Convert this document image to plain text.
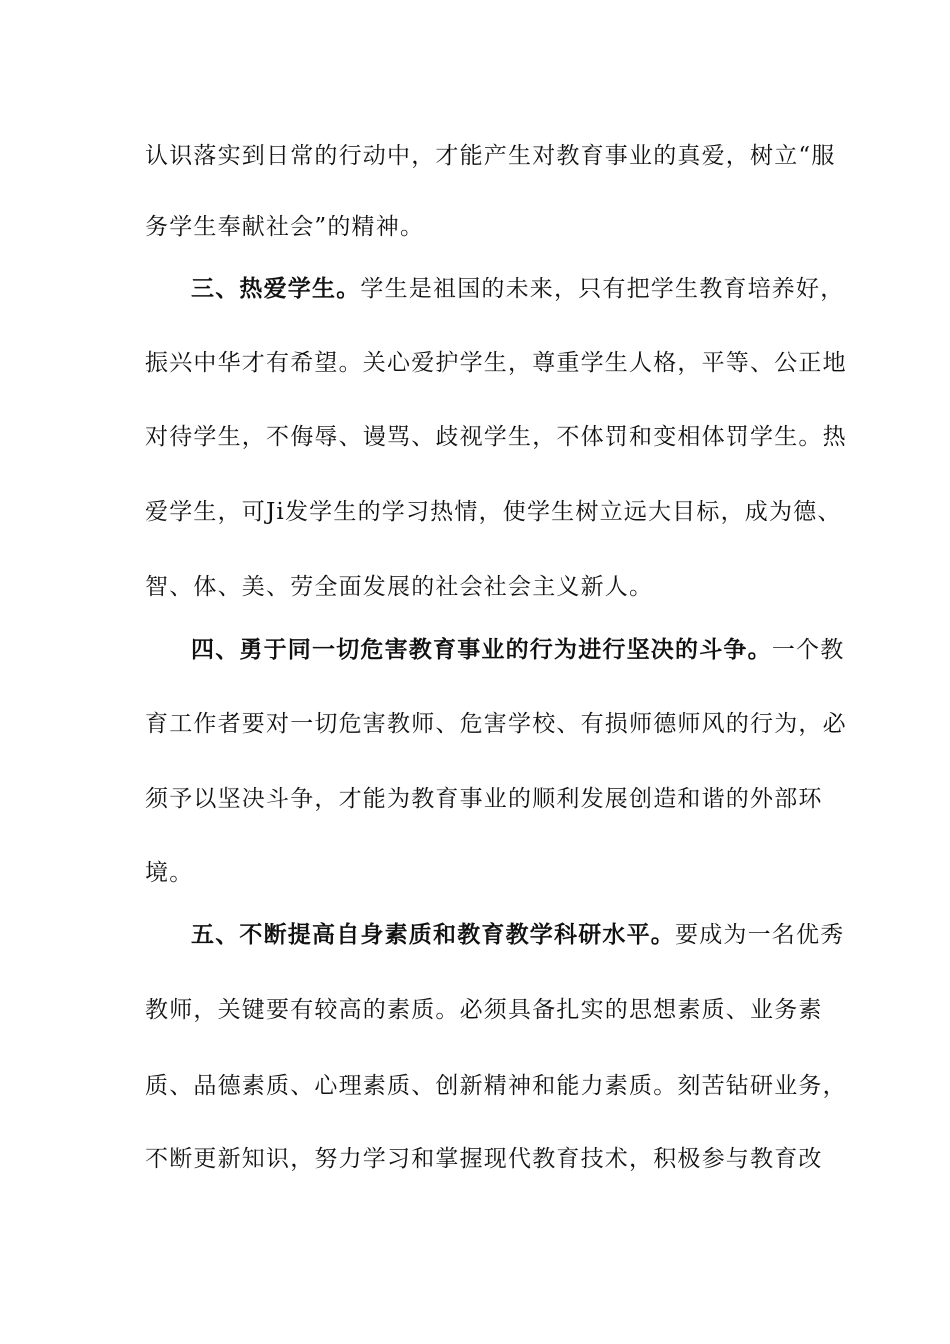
认识落实到日常的行动中，才能产生对教育事业的真爱，树立“服
务学生奉献社会”的精神。
三、热爱学生。学生是祖国的未来，只有把学生教育培养好，
振兴中华才有希望。关心爱护学生，尊重学生人格，平等、公正地
对待学生，不侮辱、谩骂、歧视学生，不体罚和变相体罚学生。热
爱学生，可Ji发学生的学习热情，使学生树立远大目标，成为德、
智、体、美、劳全面发展的社会社会主义新人。
四、勇于同一切危害教育事业的行为进行坚决的斗争。一个教
育工作者要对一切危害教师、危害学校、有损师德师风的行为，必
须予以坚决斗争，才能为教育事业的顺利发展创造和谐的外部环
境。
五、不断提高自身素质和教育教学科研水平。要成为一名优秀
教师，关键要有较高的素质。必须具备扎实的思想素质、业务素
质、品德素质、心理素质、创新精神和能力素质。刻苦钻研业务，
不断更新知识，努力学习和掌握现代教育技术，积极参与教育改
